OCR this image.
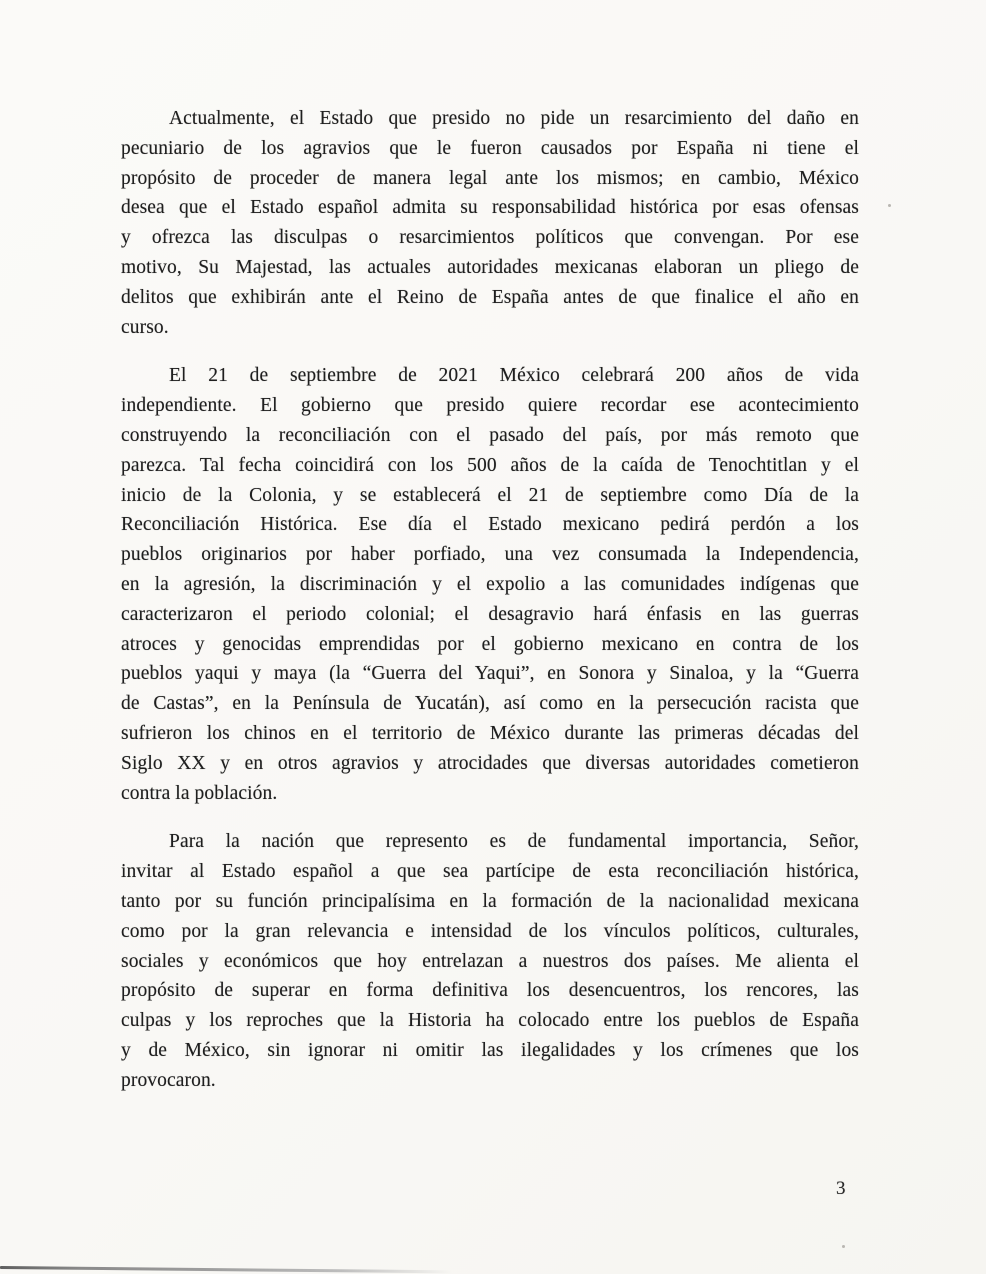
Actualmente, el Estado que presido no pide un resarcimiento del daño en
pecuniario de los agravios que le fueron causados por España ni tiene el
propósito de proceder de manera legal ante los mismos; en cambio, México
desea que el Estado español admita su responsabilidad histórica por esas ofensas
y ofrezca las disculpas o resarcimientos políticos que convengan. Por ese
motivo, Su Majestad, las actuales autoridades mexicanas elaboran un pliego de
delitos que exhibirán ante el Reino de España antes de que finalice el año en
curso.
El 21 de septiembre de 2021 México celebrará 200 años de vida
independiente. El gobierno que presido quiere recordar ese acontecimiento
construyendo la reconciliación con el pasado del país, por más remoto que
parezca. Tal fecha coincidirá con los 500 años de la caída de Tenochtitlan y el
inicio de la Colonia, y se establecerá el 21 de septiembre como Día de la
Reconciliación Histórica. Ese día el Estado mexicano pedirá perdón a los
pueblos originarios por haber porfiado, una vez consumada la Independencia,
en la agresión, la discriminación y el expolio a las comunidades indígenas que
caracterizaron el periodo colonial; el desagravio hará énfasis en las guerras
atroces y genocidas emprendidas por el gobierno mexicano en contra de los
pueblos yaqui y maya (la “Guerra del Yaqui”, en Sonora y Sinaloa, y la “Guerra
de Castas”, en la Península de Yucatán), así como en la persecución racista que
sufrieron los chinos en el territorio de México durante las primeras décadas del
Siglo XX y en otros agravios y atrocidades que diversas autoridades cometieron
contra la población.
Para la nación que represento es de fundamental importancia, Señor,
invitar al Estado español a que sea partícipe de esta reconciliación histórica,
tanto por su función principalísima en la formación de la nacionalidad mexicana
como por la gran relevancia e intensidad de los vínculos políticos, culturales,
sociales y económicos que hoy entrelazan a nuestros dos países. Me alienta el
propósito de superar en forma definitiva los desencuentros, los rencores, las
culpas y los reproches que la Historia ha colocado entre los pueblos de España
y de México, sin ignorar ni omitir las ilegalidades y los crímenes que los
provocaron.
3
